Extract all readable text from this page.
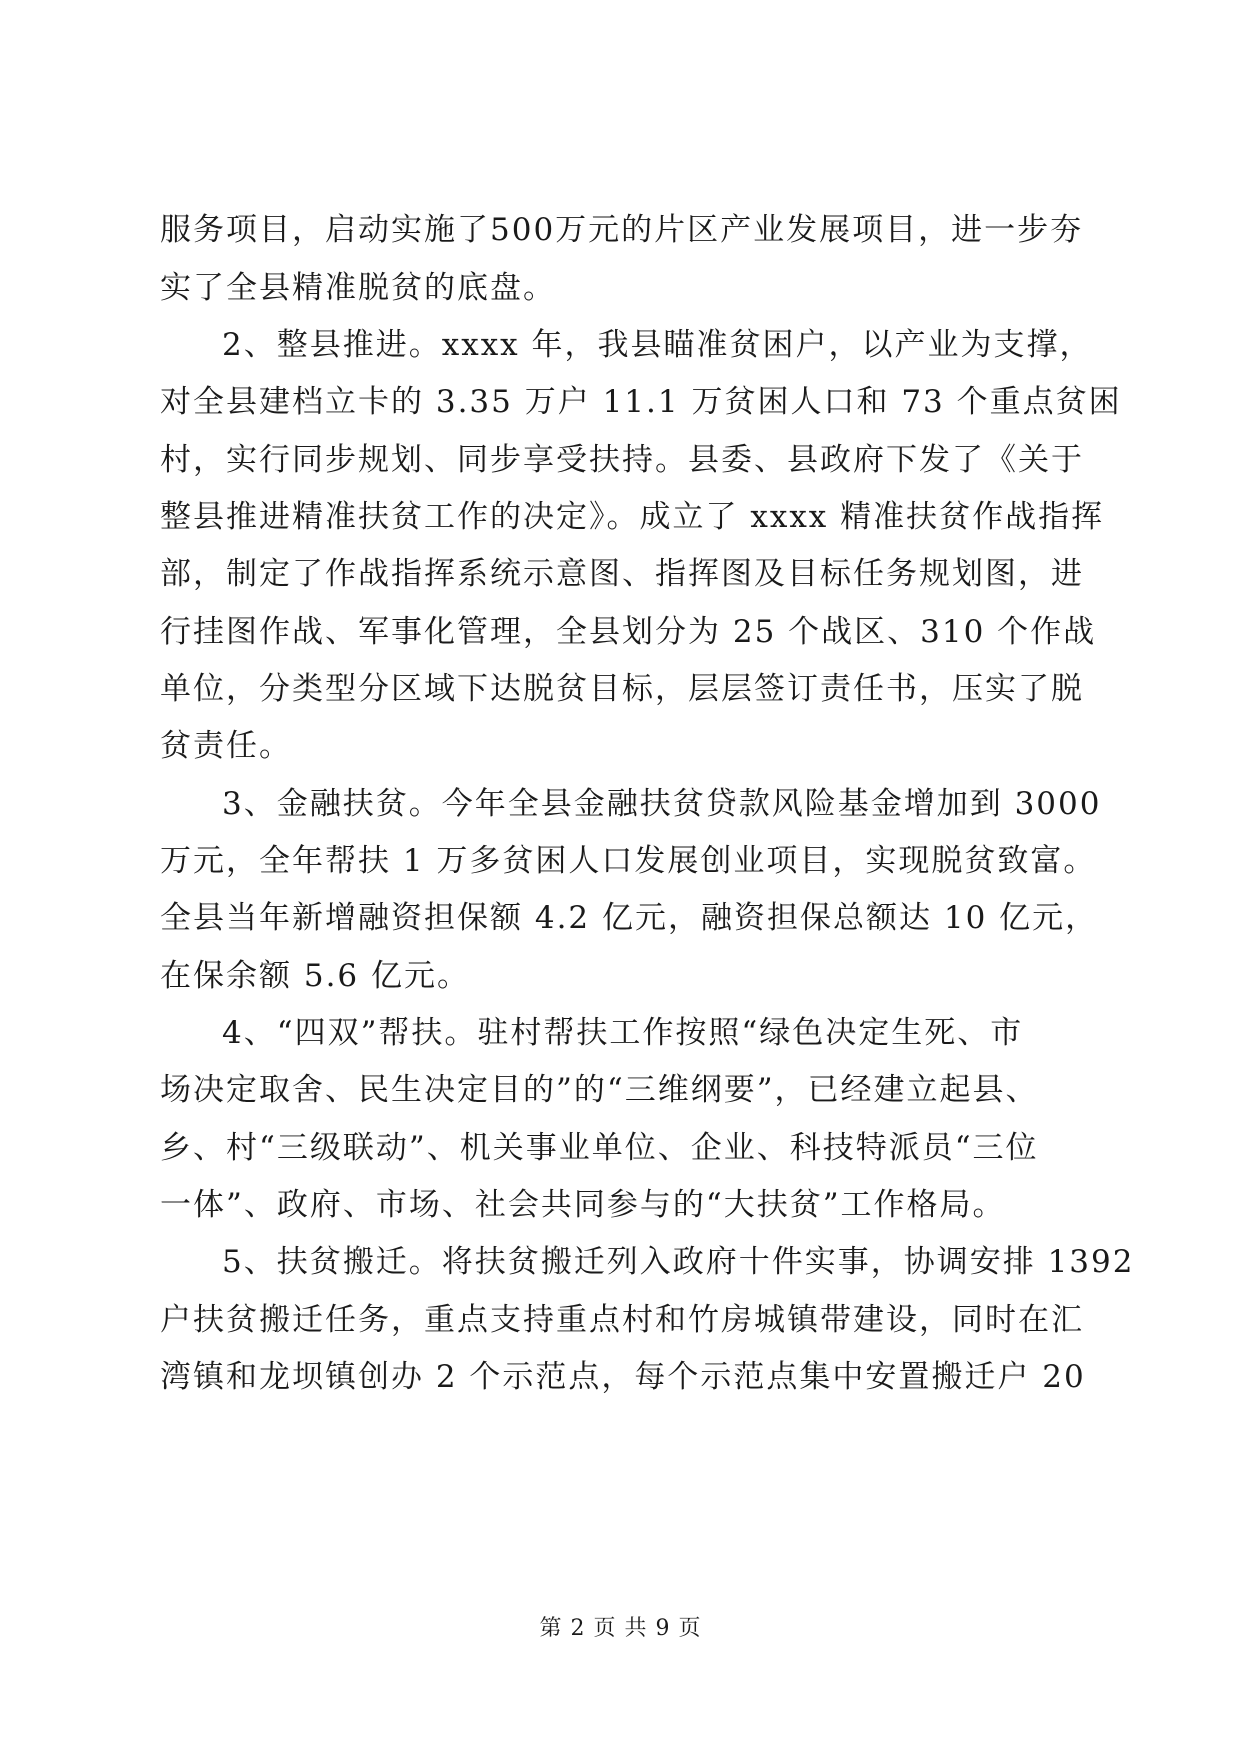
服务项目，启动实施了500万元的片区产业发展项目，进一步夯
实了全县精准脱贫的底盘。
2、整县推进。xxxx 年，我县瞄准贫困户，以产业为支撑，
对全县建档立卡的 3.35 万户 11.1 万贫困人口和 73 个重点贫困
村，实行同步规划、同步享受扶持。县委、县政府下发了《关于
整县推进精准扶贫工作的决定》。成立了 xxxx 精准扶贫作战指挥
部，制定了作战指挥系统示意图、指挥图及目标任务规划图，进
行挂图作战、军事化管理，全县划分为 25 个战区、310 个作战
单位，分类型分区域下达脱贫目标，层层签订责任书，压实了脱
贫责任。
3、金融扶贫。今年全县金融扶贫贷款风险基金增加到 3000
万元，全年帮扶 1 万多贫困人口发展创业项目，实现脱贫致富。
全县当年新增融资担保额 4.2 亿元，融资担保总额达 10 亿元，
在保余额 5.6 亿元。
4、“四双”帮扶。驻村帮扶工作按照“绿色决定生死、市
场决定取舍、民生决定目的”的“三维纲要”，已经建立起县、
乡、村“三级联动”、机关事业单位、企业、科技特派员“三位
一体”、政府、市场、社会共同参与的“大扶贫”工作格局。
5、扶贫搬迁。将扶贫搬迁列入政府十件实事，协调安排 1392
户扶贫搬迁任务，重点支持重点村和竹房城镇带建设，同时在汇
湾镇和龙坝镇创办 2 个示范点，每个示范点集中安置搬迁户 20
第 2 页 共 9 页
